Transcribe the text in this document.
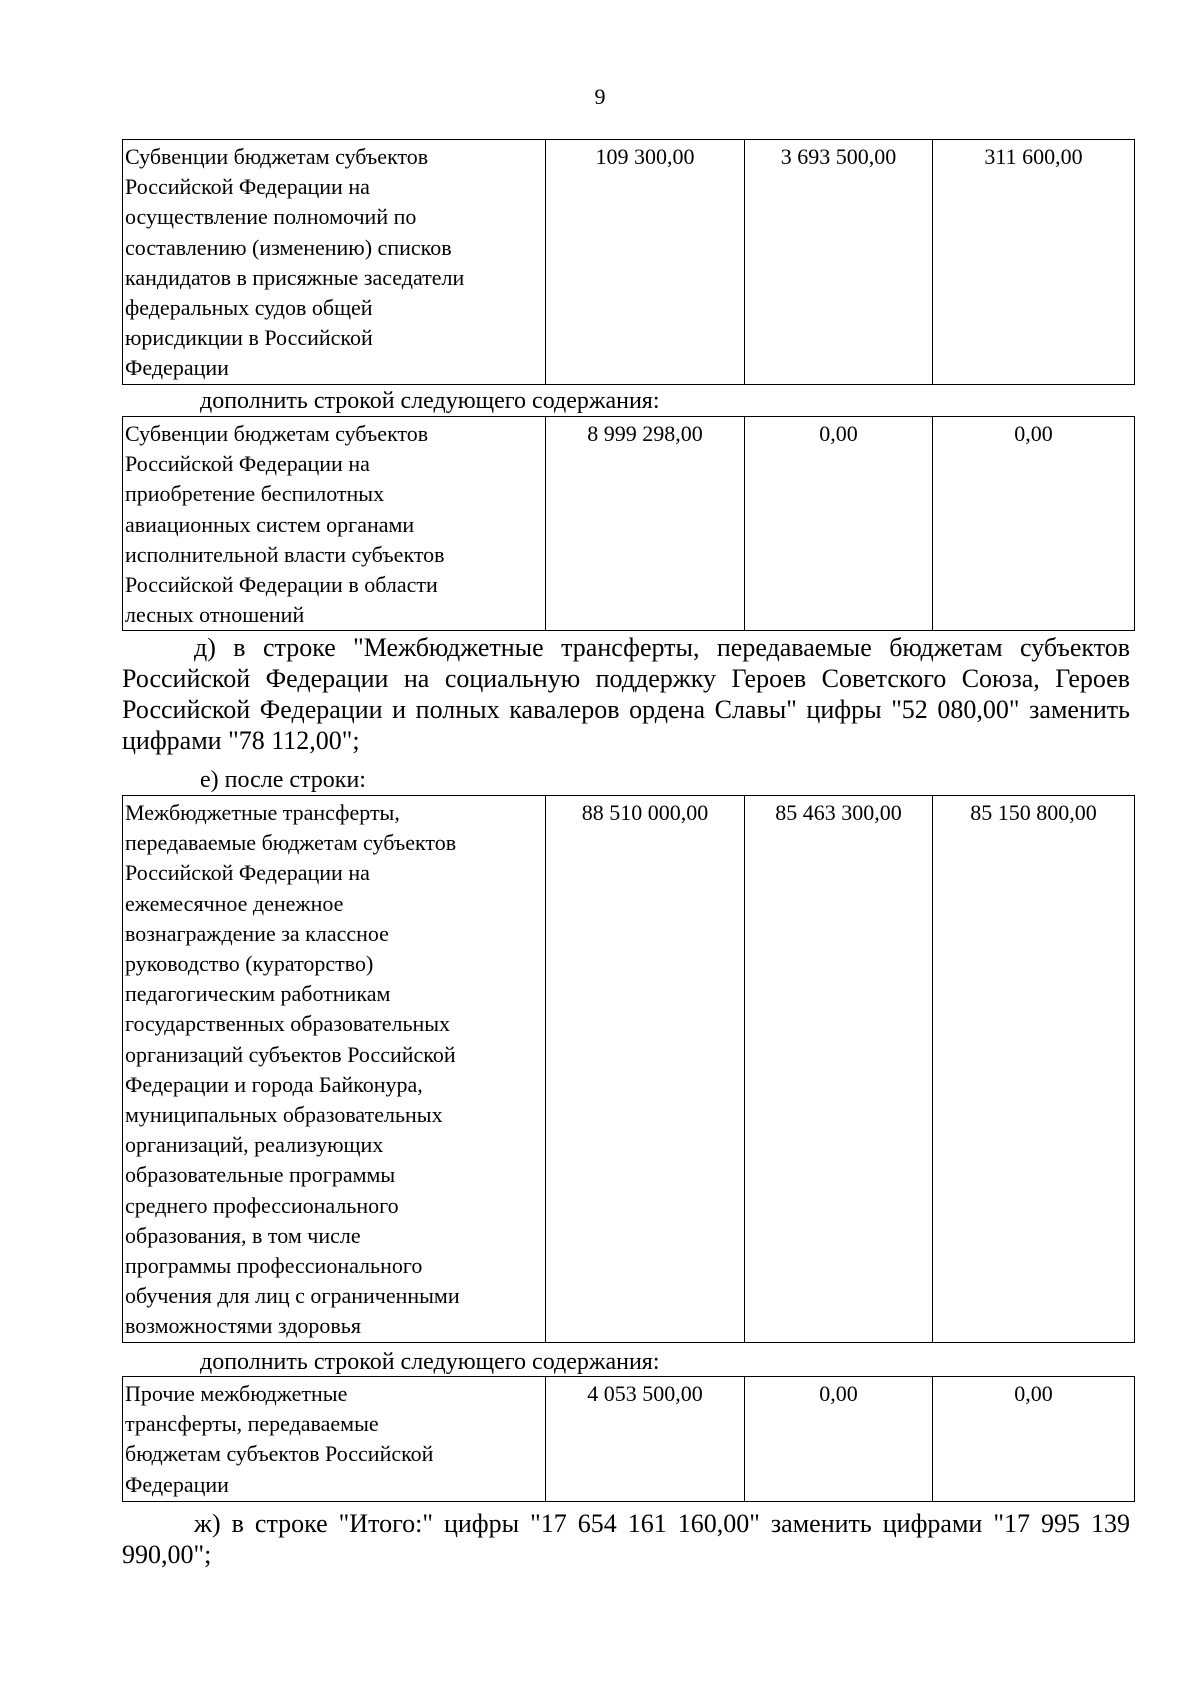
9
Субвенции бюджетам субъектов
Российской Федерации на
осуществление полномочий по
составлению (изменению) списков
кандидатов в присяжные заседатели
федеральных судов общей
юрисдикции в Российской
Федерации	109 300,00	3 693 500,00	311 600,00
дополнить строкой следующего содержания:
Субвенции бюджетам субъектов
Российской Федерации на
приобретение беспилотных
авиационных систем органами
исполнительной власти субъектов
Российской Федерации в области
лесных отношений	8 999 298,00	0,00	0,00
д) в строке "Межбюджетные трансферты, передаваемые бюджетам субъектов Российской Федерации на социальную поддержку Героев Советского Союза, Героев Российской Федерации и полных кавалеров ордена Славы" цифры "52 080,00" заменить цифрами "78 112,00";
е) после строки:
Межбюджетные трансферты,
передаваемые бюджетам субъектов
Российской Федерации на
ежемесячное денежное
вознаграждение за классное
руководство (кураторство)
педагогическим работникам
государственных образовательных
организаций субъектов Российской
Федерации и города Байконура,
муниципальных образовательных
организаций, реализующих
образовательные программы
среднего профессионального
образования, в том числе
программы профессионального
обучения для лиц с ограниченными
возможностями здоровья	88 510 000,00	85 463 300,00	85 150 800,00
дополнить строкой следующего содержания:
Прочие межбюджетные
трансферты, передаваемые
бюджетам субъектов Российской
Федерации	4 053 500,00	0,00	0,00
ж) в строке "Итого:" цифры "17 654 161 160,00" заменить цифрами "17 995 139 990,00";
